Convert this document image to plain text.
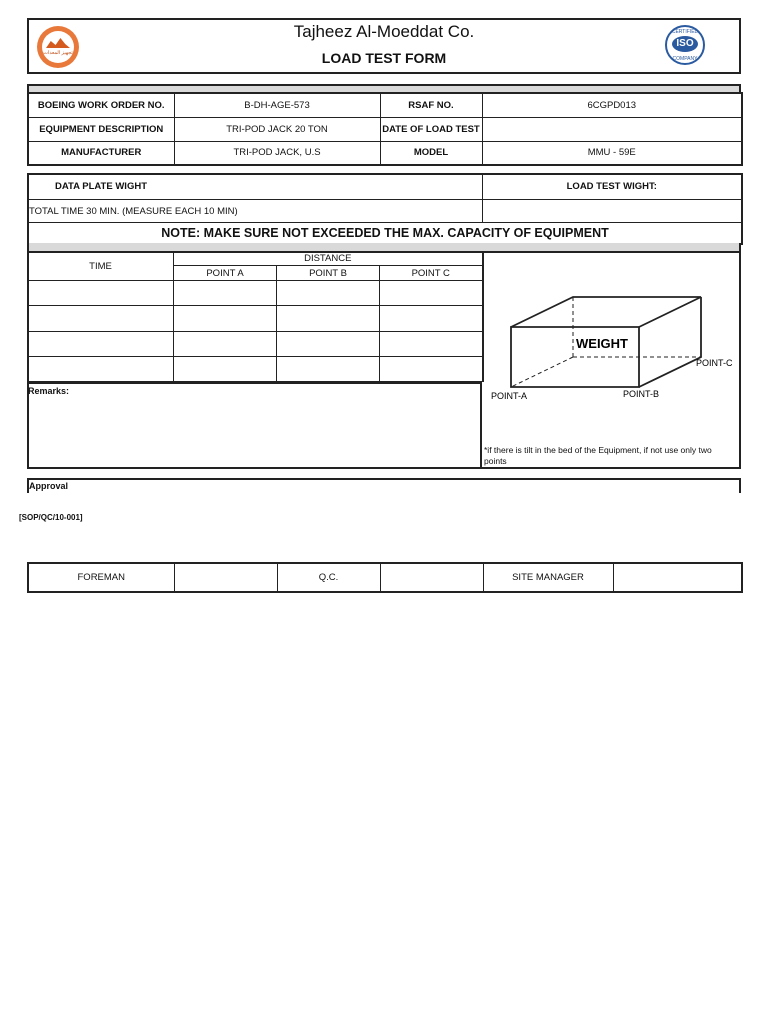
تجهيز المعدات
Tajheez Al-Moeddat Co.
LOAD TEST FORM
CERTIFIED
ISO
COMPANY
BOEING WORK ORDER NO.	B-DH-AGE-573	RSAF NO.	6CGPD013
EQUIPMENT DESCRIPTION	TRI-POD JACK 20 TON	DATE OF LOAD TEST	
MANUFACTURER	TRI-POD JACK, U.S	MODEL	MMU - 59E
DATA PLATE WIGHT	LOAD TEST WIGHT:
TOTAL TIME 30 MIN. (MEASURE EACH 10 MIN)	
NOTE: MAKE SURE NOT EXCEEDED THE MAX. CAPACITY OF EQUIPMENT	
TIME	DISTANCE		
	POINT A	POINT B	POINT C

Remarks:
WEIGHT
POINT-A	POINT-B
POINT-C
*if there is tilt in the bed of the Equipment, if not use only two points
Approval
[SOP/QC/10-001]
FOREMAN		Q.C.		SITE MANAGER	
